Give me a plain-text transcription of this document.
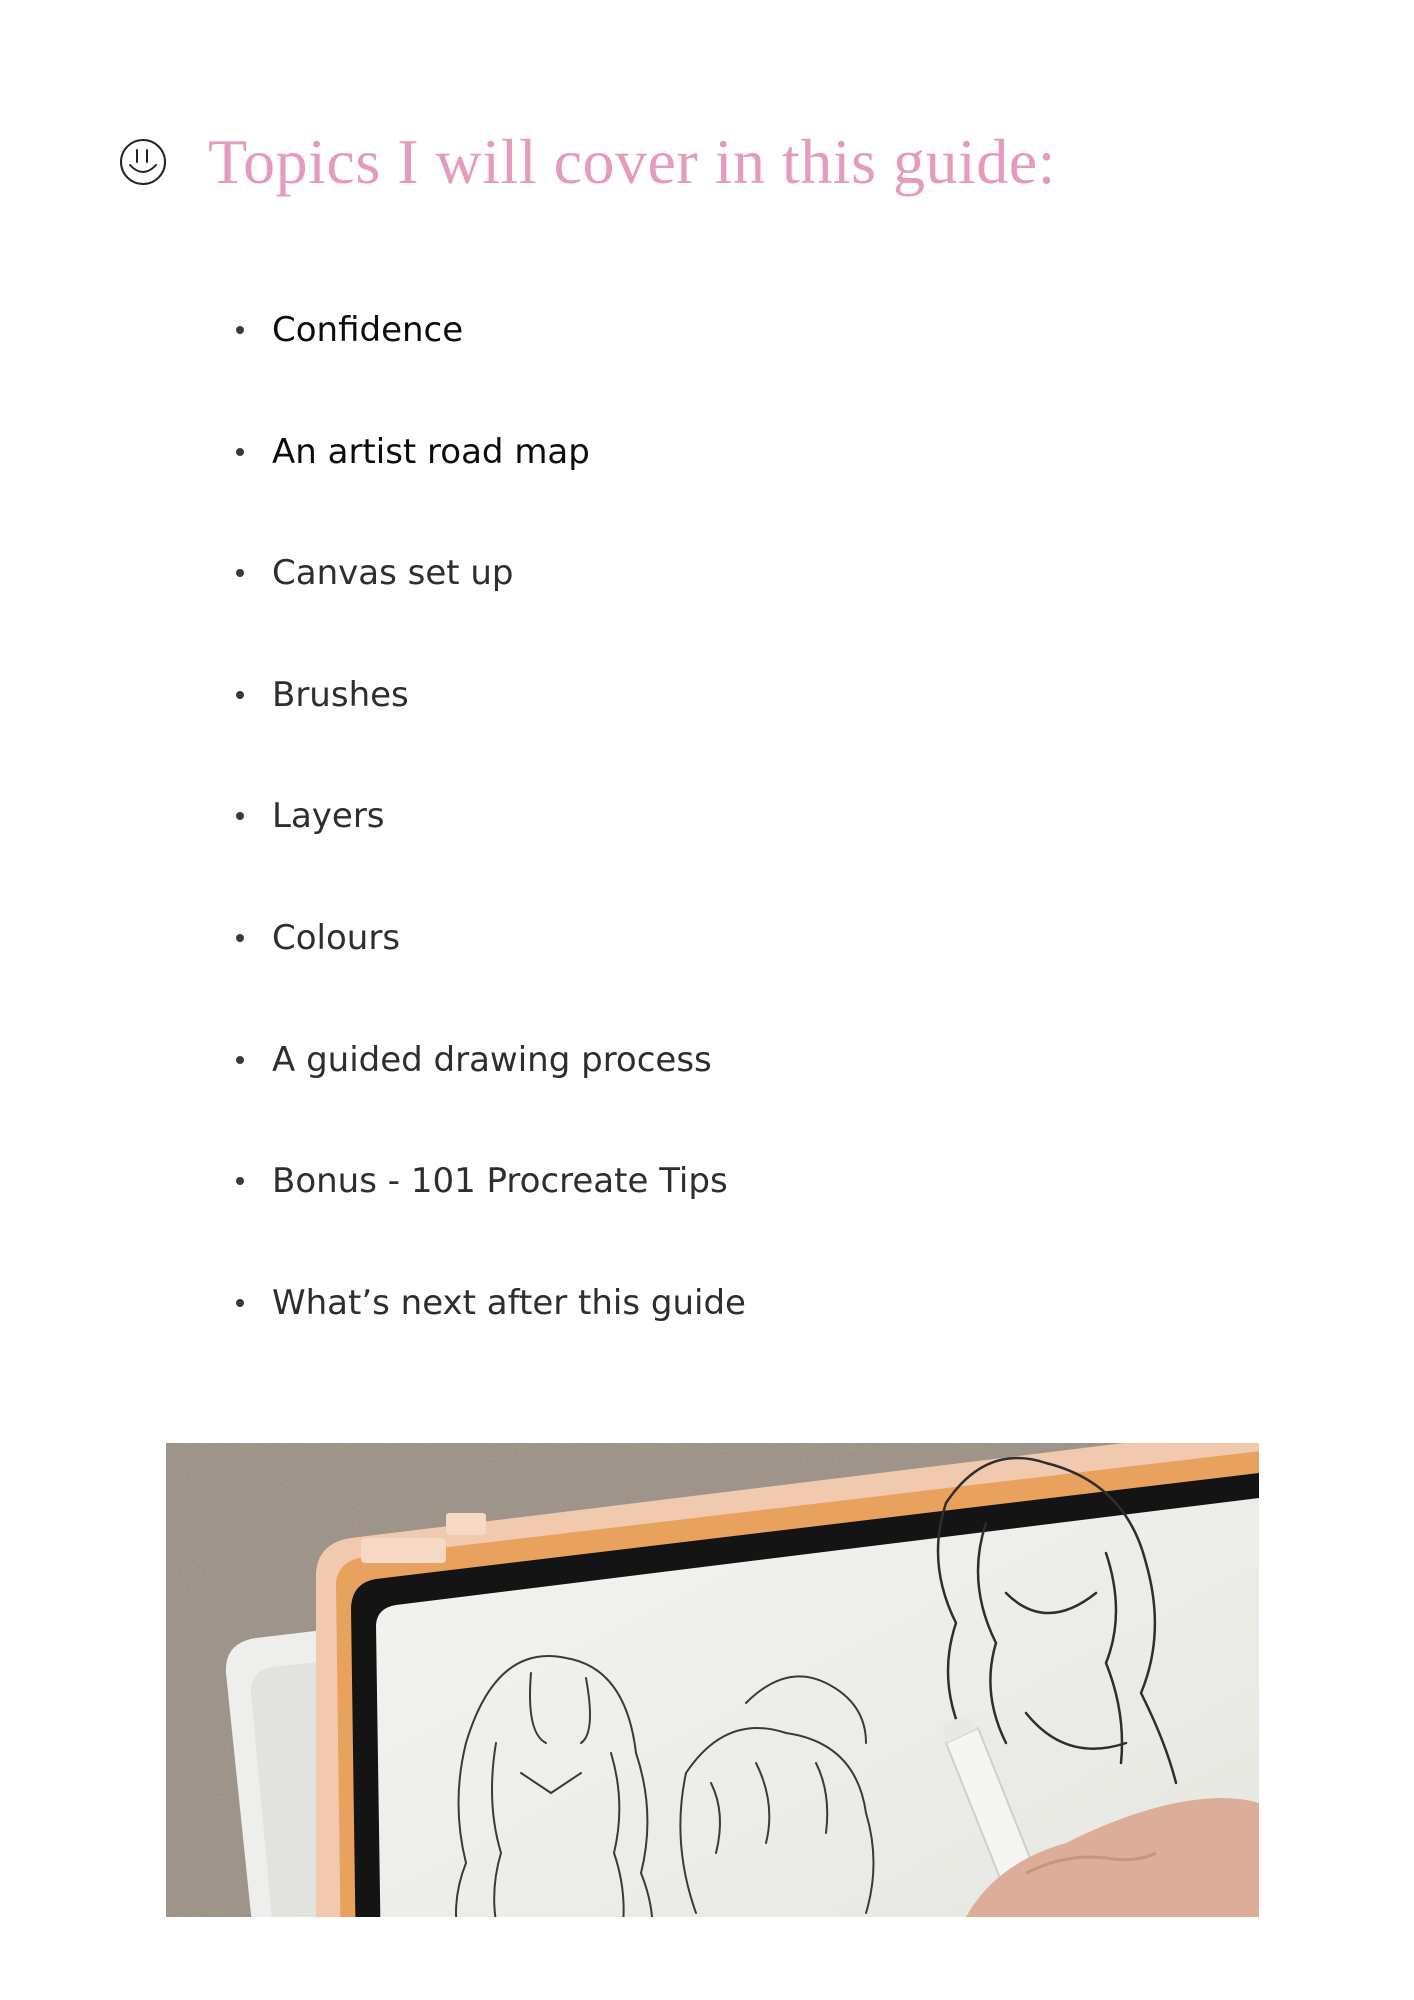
Topics I will cover in this guide:
Confidence
An artist road map
Canvas set up
Brushes
Layers
Colours
A guided drawing process
Bonus - 101 Procreate Tips
What’s next after this guide
